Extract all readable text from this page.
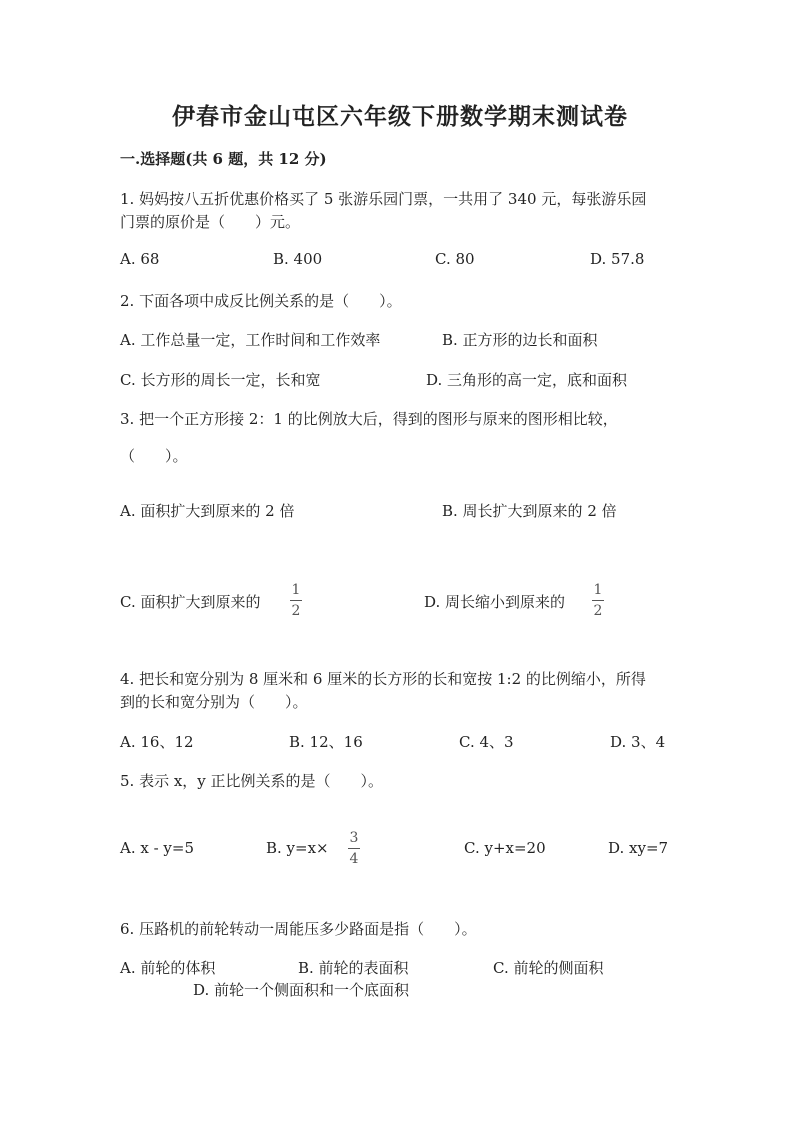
伊春市金山屯区六年级下册数学期末测试卷
一.选择题(共 6 题，共 12 分)
1. 妈妈按八五折优惠价格买了 5 张游乐园门票，一共用了 340 元，每张游乐园
门票的原价是（　　）元。
A. 68	B. 400	C. 80	D. 57.8
2. 下面各项中成反比例关系的是（　　）。
A. 工作总量一定，工作时间和工作效率	B. 正方形的边长和面积
C. 长方形的周长一定，长和宽	D. 三角形的高一定，底和面积
3. 把一个正方形接 2：1 的比例放大后，得到的图形与原来的图形相比较，
（　　）。
A. 面积扩大到原来的 2 倍	B. 周长扩大到原来的 2 倍
C. 面积扩大到原来的
1
2	D. 周长缩小到原来的
1
2
4. 把长和宽分别为 8 厘米和 6 厘米的长方形的长和宽按 1:2 的比例缩小，所得
到的长和宽分别为（　　）。
A. 16、12	B. 12、16	C. 4、3	D. 3、4
5. 表示 x，y 正比例关系的是（　　）。
A. x - y=5	B. y=x×
3
4
C. y+x=20	D. xy=7
6. 压路机的前轮转动一周能压多少路面是指（　　）。
A. 前轮的体积	B. 前轮的表面积	C. 前轮的侧面积
D. 前轮一个侧面积和一个底面积
